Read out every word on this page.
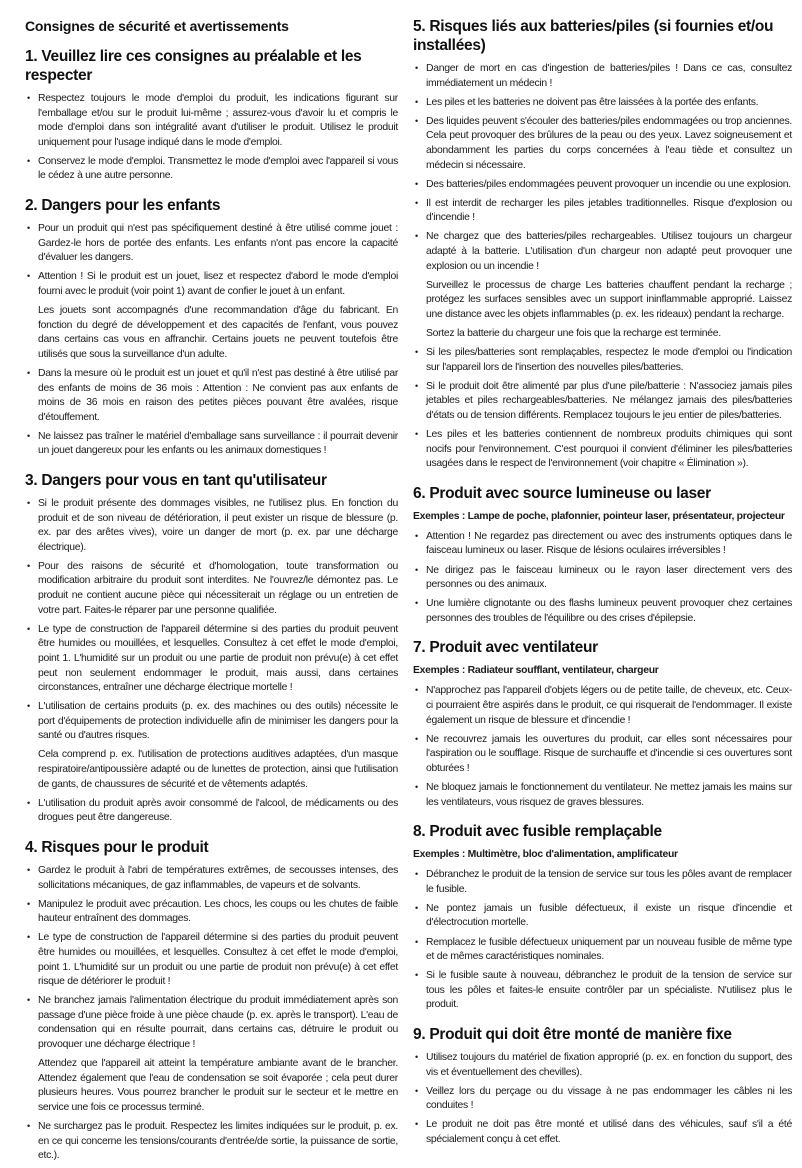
Consignes de sécurité et avertissements
1. Veuillez lire ces consignes au préalable et les respecter
• Respectez toujours le mode d'emploi du produit, les indications figurant sur l'emballage et/ou sur le produit lui-même ; assurez-vous d'avoir lu et compris le mode d'emploi dans son intégralité avant d'utiliser le produit. Utilisez le produit uniquement pour l'usage indiqué dans le mode d'emploi.
• Conservez le mode d'emploi. Transmettez le mode d'emploi avec l'appareil si vous le cédez à une autre personne.
2. Dangers pour les enfants
• Pour un produit qui n'est pas spécifiquement destiné à être utilisé comme jouet : Gardez-le hors de portée des enfants. Les enfants n'ont pas encore la capacité d'évaluer les dangers.
• Attention ! Si le produit est un jouet, lisez et respectez d'abord le mode d'emploi fourni avec le produit (voir point 1) avant de confier le jouet à un enfant.
Les jouets sont accompagnés d'une recommandation d'âge du fabricant. En fonction du degré de développement et des capacités de l'enfant, vous pouvez dans certains cas vous en affranchir. Certains jouets ne peuvent toutefois être utilisés que sous la surveillance d'un adulte.
• Dans la mesure où le produit est un jouet et qu'il n'est pas destiné à être utilisé par des enfants de moins de 36 mois : Attention : Ne convient pas aux enfants de moins de 36 mois en raison des petites pièces pouvant être avalées, risque d'étouffement.
• Ne laissez pas traîner le matériel d'emballage sans surveillance : il pourrait devenir un jouet dangereux pour les enfants ou les animaux domestiques !
3. Dangers pour vous en tant qu'utilisateur
• Si le produit présente des dommages visibles, ne l'utilisez plus. En fonction du produit et de son niveau de détérioration, il peut exister un risque de blessure (p. ex. par des arêtes vives), voire un danger de mort (p. ex. par une décharge électrique).
• Pour des raisons de sécurité et d'homologation, toute transformation ou modification arbitraire du produit sont interdites. Ne l'ouvrez/le démontez pas. Le produit ne contient aucune pièce qui nécessiterait un réglage ou un entretien de votre part. Faites-le réparer par une personne qualifiée.
• Le type de construction de l'appareil détermine si des parties du produit peuvent être humides ou mouillées, et lesquelles. Consultez à cet effet le mode d'emploi, point 1. L'humidité sur un produit ou une partie de produit non prévu(e) à cet effet peut non seulement endommager le produit, mais aussi, dans certaines circonstances, entraîner une décharge électrique mortelle !
• L'utilisation de certains produits (p. ex. des machines ou des outils) nécessite le port d'équipements de protection individuelle afin de minimiser les dangers pour la santé ou d'autres risques.
Cela comprend p. ex. l'utilisation de protections auditives adaptées, d'un masque respiratoire/antipoussière adapté ou de lunettes de protection, ainsi que l'utilisation de gants, de chaussures de sécurité et de vêtements adaptés.
• L'utilisation du produit après avoir consommé de l'alcool, de médicaments ou des drogues peut être dangereuse.
4. Risques pour le produit
• Gardez le produit à l'abri de températures extrêmes, de secousses intenses, des sollicitations mécaniques, de gaz inflammables, de vapeurs et de solvants.
• Manipulez le produit avec précaution. Les chocs, les coups ou les chutes de faible hauteur entraînent des dommages.
• Le type de construction de l'appareil détermine si des parties du produit peuvent être humides ou mouillées, et lesquelles. Consultez à cet effet le mode d'emploi, point 1. L'humidité sur un produit ou une partie de produit non prévu(e) à cet effet risque de détériorer le produit !
• Ne branchez jamais l'alimentation électrique du produit immédiatement après son passage d'une pièce froide à une pièce chaude (p. ex. après le transport). L'eau de condensation qui en résulte pourrait, dans certains cas, détruire le produit ou provoquer une décharge électrique !
Attendez que l'appareil ait atteint la température ambiante avant de le brancher. Attendez également que l'eau de condensation se soit évaporée ; cela peut durer plusieurs heures. Vous pourrez brancher le produit sur le secteur et le mettre en service une fois ce processus terminé.
• Ne surchargez pas le produit. Respectez les limites indiquées sur le produit, p. ex. en ce qui concerne les tensions/courants d'entrée/de sortie, la puissance de sortie, etc.).
5. Risques liés aux batteries/piles (si fournies et/ou installées)
• Danger de mort en cas d'ingestion de batteries/piles ! Dans ce cas, consultez immédiatement un médecin !
• Les piles et les batteries ne doivent pas être laissées à la portée des enfants.
• Des liquides peuvent s'écouler des batteries/piles endommagées ou trop anciennes. Cela peut provoquer des brûlures de la peau ou des yeux. Lavez soigneusement et abondamment les parties du corps concernées à l'eau tiède et consultez un médecin si nécessaire.
• Des batteries/piles endommagées peuvent provoquer un incendie ou une explosion.
• Il est interdit de recharger les piles jetables traditionnelles. Risque d'explosion ou d'incendie !
• Ne chargez que des batteries/piles rechargeables. Utilisez toujours un chargeur adapté à la batterie. L'utilisation d'un chargeur non adapté peut provoquer une explosion ou un incendie !
Surveillez le processus de charge Les batteries chauffent pendant la recharge ; protégez les surfaces sensibles avec un support ininflammable approprié. Laissez une distance avec les objets inflammables (p. ex. les rideaux) pendant la recharge.
Sortez la batterie du chargeur une fois que la recharge est terminée.
• Si les piles/batteries sont remplaçables, respectez le mode d'emploi ou l'indication sur l'appareil lors de l'insertion des nouvelles piles/batteries.
• Si le produit doit être alimenté par plus d'une pile/batterie : N'associez jamais piles jetables et piles rechargeables/batteries. Ne mélangez jamais des piles/batteries d'états ou de tension différents. Remplacez toujours le jeu entier de piles/batteries.
• Les piles et les batteries contiennent de nombreux produits chimiques qui sont nocifs pour l'environnement. C'est pourquoi il convient d'éliminer les piles/batteries usagées dans le respect de l'environnement (voir chapitre « Élimination »).
6. Produit avec source lumineuse ou laser
Exemples : Lampe de poche, plafonnier, pointeur laser, présentateur, projecteur
• Attention ! Ne regardez pas directement ou avec des instruments optiques dans le faisceau lumineux ou laser. Risque de lésions oculaires irréversibles !
• Ne dirigez pas le faisceau lumineux ou le rayon laser directement vers des personnes ou des animaux.
• Une lumière clignotante ou des flashs lumineux peuvent provoquer chez certaines personnes des troubles de l'équilibre ou des crises d'épilepsie.
7. Produit avec ventilateur
Exemples : Radiateur soufflant, ventilateur, chargeur
• N'approchez pas l'appareil d'objets légers ou de petite taille, de cheveux, etc. Ceux-ci pourraient être aspirés dans le produit, ce qui risquerait de l'endommager. Il existe également un risque de blessure et d'incendie !
• Ne recouvrez jamais les ouvertures du produit, car elles sont nécessaires pour l'aspiration ou le soufflage. Risque de surchauffe et d'incendie si ces ouvertures sont obturées !
• Ne bloquez jamais le fonctionnement du ventilateur. Ne mettez jamais les mains sur les ventilateurs, vous risquez de graves blessures.
8. Produit avec fusible remplaçable
Exemples : Multimètre, bloc d'alimentation, amplificateur
• Débranchez le produit de la tension de service sur tous les pôles avant de remplacer le fusible.
• Ne pontez jamais un fusible défectueux, il existe un risque d'incendie et d'électrocution mortelle.
• Remplacez le fusible défectueux uniquement par un nouveau fusible de même type et de mêmes caractéristiques nominales.
• Si le fusible saute à nouveau, débranchez le produit de la tension de service sur tous les pôles et faites-le ensuite contrôler par un spécialiste. N'utilisez plus le produit.
9. Produit qui doit être monté de manière fixe
• Utilisez toujours du matériel de fixation approprié (p. ex. en fonction du support, des vis et éventuellement des chevilles).
• Veillez lors du perçage ou du vissage à ne pas endommager les câbles ni les conduites !
• Le produit ne doit pas être monté et utilisé dans des véhicules, sauf s'il a été spécialement conçu à cet effet.
